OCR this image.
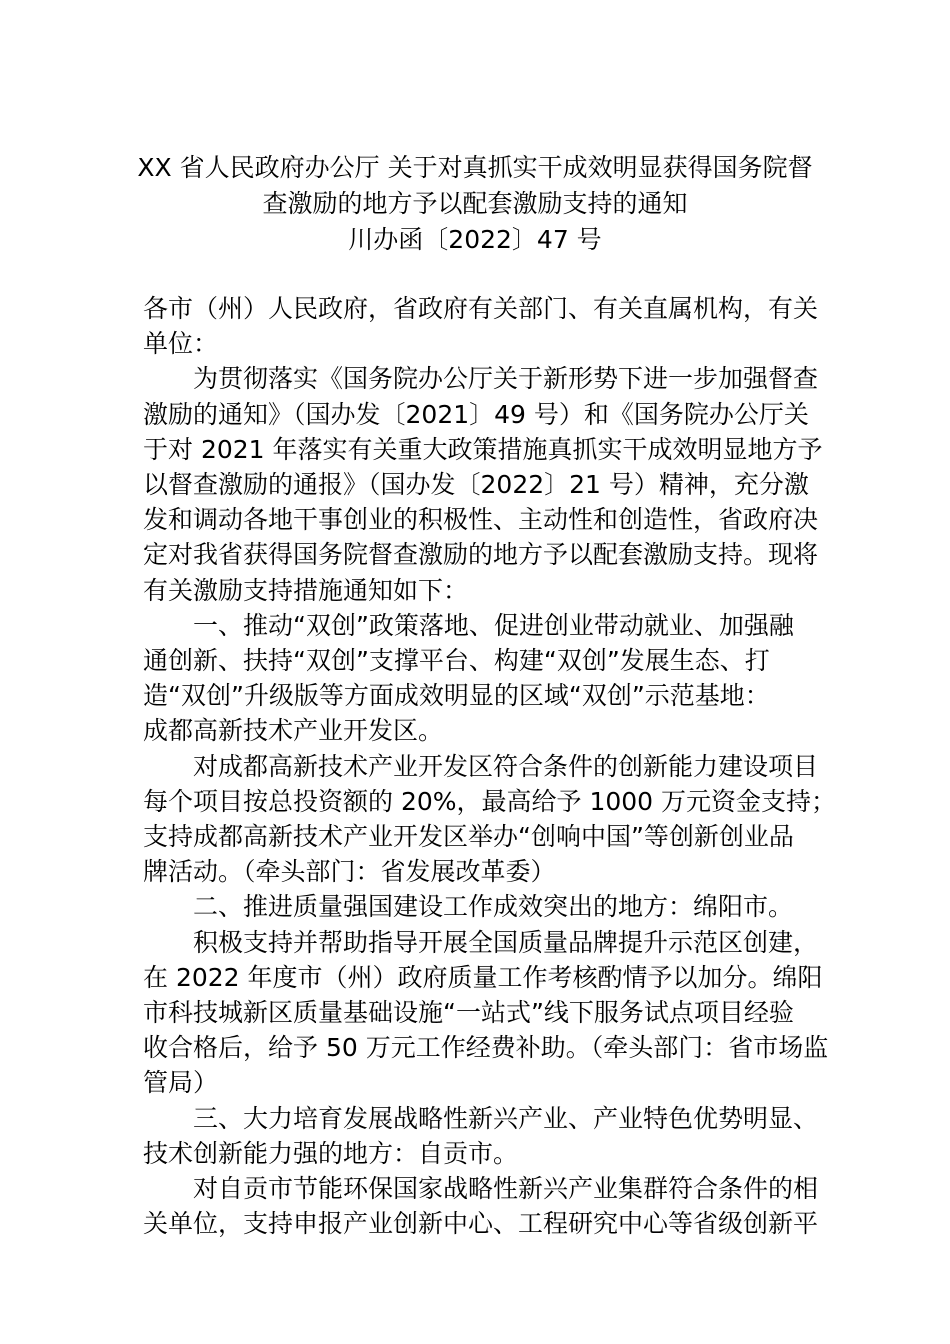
XX 省人民政府办公厅 关于对真抓实干成效明显获得国务院督
查激励的地方予以配套激励支持的通知
川办函〔2022〕47 号
各市（州）人民政府，省政府有关部门、有关直属机构，有关
单位：
为贯彻落实《国务院办公厅关于新形势下进一步加强督查
激励的通知》（国办发〔2021〕49 号）和《国务院办公厅关
于对 2021 年落实有关重大政策措施真抓实干成效明显地方予
以督查激励的通报》（国办发〔2022〕21 号）精神，充分激
发和调动各地干事创业的积极性、主动性和创造性，省政府决
定对我省获得国务院督查激励的地方予以配套激励支持。现将
有关激励支持措施通知如下：
一、推动“双创”政策落地、促进创业带动就业、加强融
通创新、扶持“双创”支撑平台、构建“双创”发展生态、打
造“双创”升级版等方面成效明显的区域“双创”示范基地：
成都高新技术产业开发区。
对成都高新技术产业开发区符合条件的创新能力建设项目
每个项目按总投资额的 20%，最高给予 1000 万元资金支持；
支持成都高新技术产业开发区举办“创响中国”等创新创业品
牌活动。（牵头部门：省发展改革委）
二、推进质量强国建设工作成效突出的地方：绵阳市。
积极支持并帮助指导开展全国质量品牌提升示范区创建，
在 2022 年度市（州）政府质量工作考核酌情予以加分。绵阳
市科技城新区质量基础设施“一站式”线下服务试点项目经验
收合格后，给予 50 万元工作经费补助。（牵头部门：省市场监
管局）
三、大力培育发展战略性新兴产业、产业特色优势明显、
技术创新能力强的地方：自贡市。
对自贡市节能环保国家战略性新兴产业集群符合条件的相
关单位，支持申报产业创新中心、工程研究中心等省级创新平
